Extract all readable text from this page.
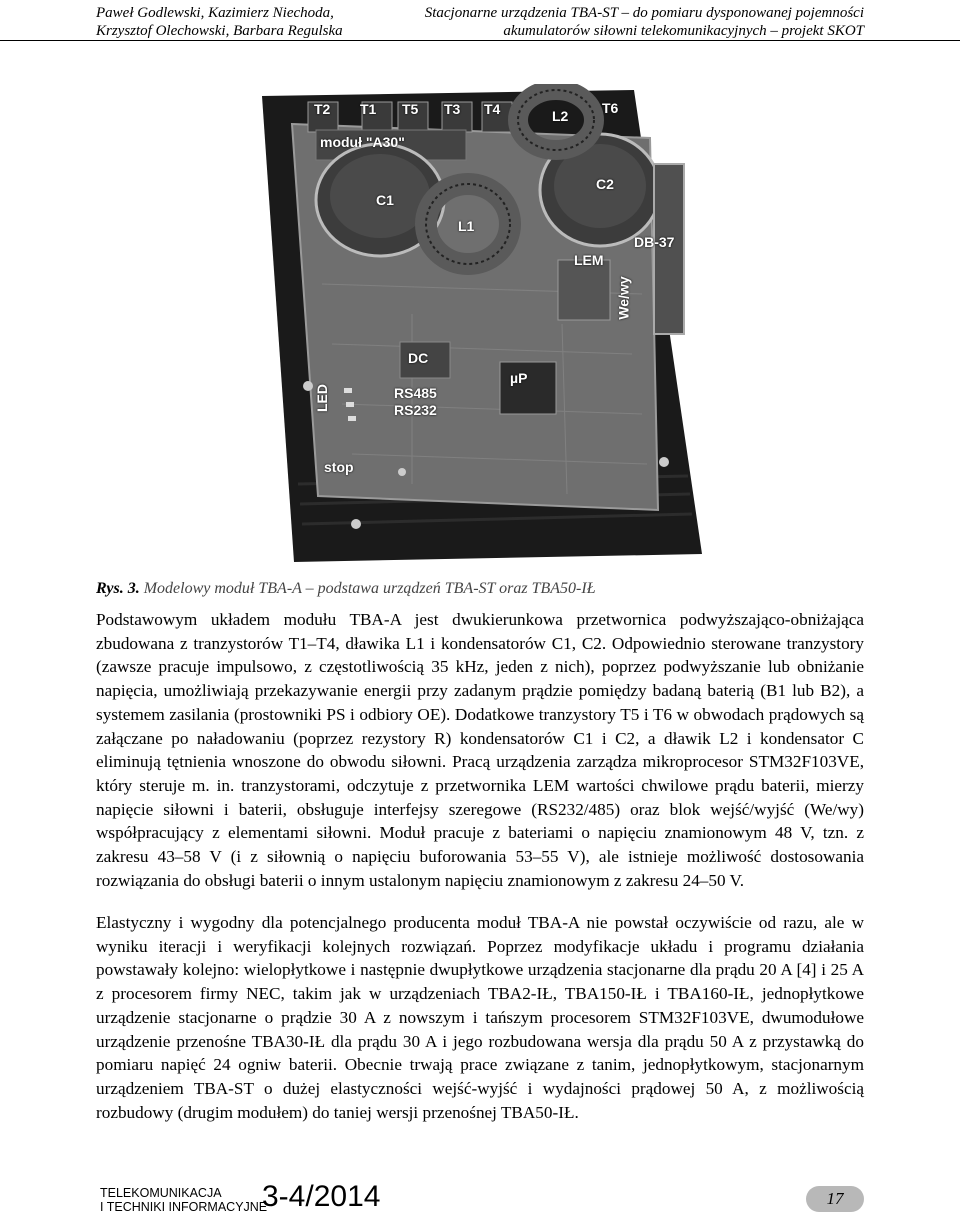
Paweł Godlewski, Kazimierz Niechoda,
Krzysztof Olechowski, Barbara Regulska
Stacjonarne urządzenia TBA-ST – do pomiaru dysponowanej pojemności
akumulatorów siłowni telekomunikacyjnych – projekt SKOT
T2 T1 T5 T3 T4	L2 T6
moduł "A30"
C1
C2
L1
DB-37
LEM
We/wy
DC
µP
LED	RS485
RS232
stop
Rys. 3. Modelowy moduł TBA-A – podstawa urządzeń TBA-ST oraz TBA50-IŁ

Podstawowym układem modułu TBA-A jest dwukierunkowa przetwornica podwyższająco-obniżająca zbudowana z tranzystorów T1–T4, dławika L1 i kondensatorów C1, C2. Odpowiednio sterowane tranzystory (zawsze pracuje impulsowo, z częstotliwością 35 kHz, jeden z nich), poprzez podwyższanie lub obniżanie napięcia, umożliwiają przekazywanie energii przy zadanym prądzie pomiędzy badaną baterią (B1 lub B2), a systemem zasilania (prostowniki PS i odbiory OE). Dodatkowe tranzystory T5 i T6 w obwodach prądowych są załączane po naładowaniu (poprzez rezystory R) kondensatorów C1 i C2, a dławik L2 i kondensator C eliminują tętnienia wnoszone do obwodu siłowni. Pracą urządzenia zarządza mikroprocesor STM32F103VE, który steruje m. in. tranzystorami, odczytuje z przetwornika LEM wartości chwilowe prądu baterii, mierzy napięcie siłowni i baterii, obsługuje interfejsy szeregowe (RS232/485) oraz blok wejść/wyjść (We/wy) współpracujący z elementami siłowni. Moduł pracuje z bateriami o napięciu znamionowym 48 V, tzn. z zakresu 43–58 V (i z siłownią o napięciu buforowania 53–55 V), ale istnieje możliwość dostosowania rozwiązania do obsługi baterii o innym ustalonym napięciu znamionowym z zakresu 24–50 V.

Elastyczny i wygodny dla potencjalnego producenta moduł TBA-A nie powstał oczywiście od razu, ale w wyniku iteracji i weryfikacji kolejnych rozwiązań. Poprzez modyfikacje układu i programu działania powstawały kolejno: wielopłytkowe i następnie dwupłytkowe urządzenia stacjonarne dla prądu 20 A [4] i 25 A z procesorem firmy NEC, takim jak w urządzeniach TBA2-IŁ, TBA150-IŁ i TBA160-IŁ, jednopłytkowe urządzenie stacjonarne o prądzie 30 A z nowszym i tańszym procesorem STM32F103VE, dwumodułowe urządzenie przenośne TBA30-IŁ dla prądu 30 A i jego rozbudowana wersja dla prądu 50 A z przystawką do pomiaru napięć 24 ogniw baterii. Obecnie trwają prace związane z tanim, jednopłytkowym, stacjonarnym urządzeniem TBA-ST o dużej elastyczności wejść-wyjść i wydajności prądowej 50 A, z możliwością rozbudowy (drugim modułem) do taniej wersji przenośnej TBA50-IŁ.

TELEKOMUNIKACJA
I TECHNIKI INFORMACYJNE
3-4/2014	17
